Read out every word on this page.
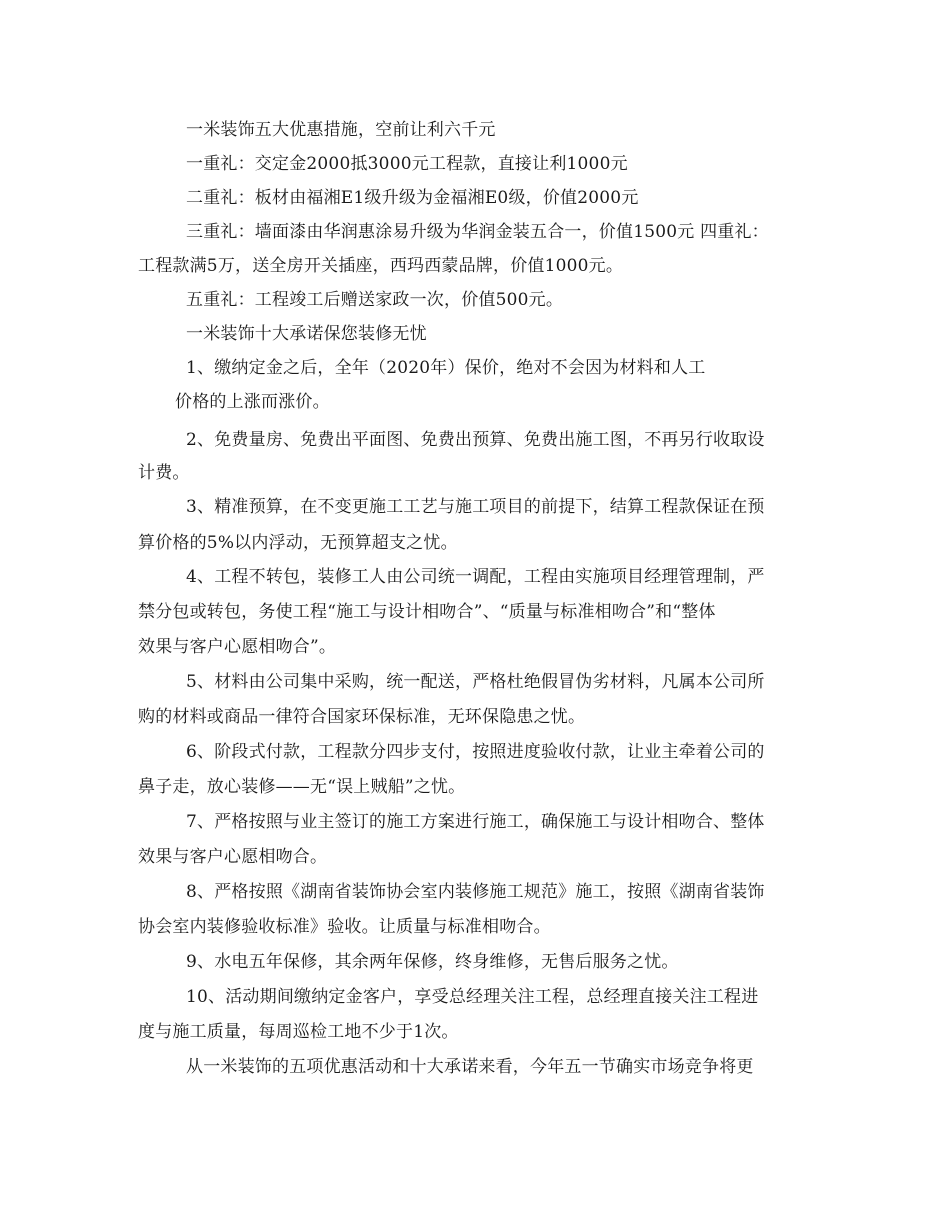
一米装饰五大优惠措施，空前让利六千元
一重礼：交定金2000抵3000元工程款，直接让利1000元
二重礼：板材由福湘E1级升级为金福湘E0级，价值2000元
三重礼：墙面漆由华润惠涂易升级为华润金装五合一，价值1500元 四重礼：
工程款满5万，送全房开关插座，西玛西蒙品牌，价值1000元。
五重礼：工程竣工后赠送家政一次，价值500元。
一米装饰十大承诺保您装修无忧
1、缴纳定金之后，全年（2020年）保价，绝对不会因为材料和人工
价格的上涨而涨价。
2、免费量房、免费出平面图、免费出预算、免费出施工图，不再另行收取设
计费。
3、精准预算，在不变更施工工艺与施工项目的前提下，结算工程款保证在预
算价格的5%以内浮动，无预算超支之忧。
4、工程不转包，装修工人由公司统一调配，工程由实施项目经理管理制，严
禁分包或转包，务使工程“施工与设计相吻合”、“质量与标准相吻合”和“整体
效果与客户心愿相吻合”。
5、材料由公司集中采购，统一配送，严格杜绝假冒伪劣材料，凡属本公司所
购的材料或商品一律符合国家环保标准，无环保隐患之忧。
6、阶段式付款，工程款分四步支付，按照进度验收付款，让业主牵着公司的
鼻子走，放心装修——无“误上贼船”之忧。
7、严格按照与业主签订的施工方案进行施工，确保施工与设计相吻合、整体
效果与客户心愿相吻合。
8、严格按照《湖南省装饰协会室内装修施工规范》施工，按照《湖南省装饰
协会室内装修验收标准》验收。让质量与标准相吻合。
9、水电五年保修，其余两年保修，终身维修，无售后服务之忧。
10、活动期间缴纳定金客户，享受总经理关注工程，总经理直接关注工程进
度与施工质量，每周巡检工地不少于1次。
从一米装饰的五项优惠活动和十大承诺来看，今年五一节确实市场竞争将更
